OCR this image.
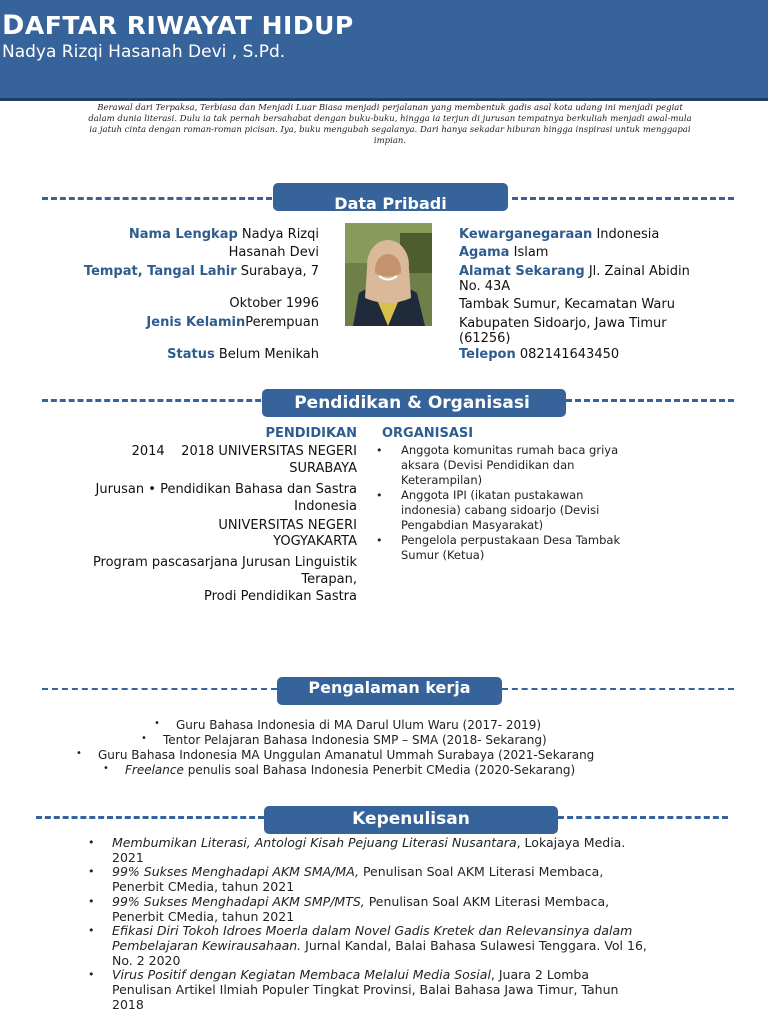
DAFTAR RIWAYAT HIDUP
Nadya Rizqi Hasanah Devi , S.Pd.
Berawal dari Terpaksa, Terbiasa dan Menjadi Luar Biasa menjadi perjalanan yang membentuk gadis asal kota udang ini menjadi pegiat dalam dunia literasi. Dulu ia tak pernah bersahabat dengan buku-buku, hingga ia terjun di jurusan tempatnya berkuliah menjadi awal-mula ia jatuh cinta dengan roman-roman picisan. Iya, buku mengubah segalanya. Dari hanya sekadar hiburan hingga inspirasi untuk menggapai impian.
Data Pribadi
Nama Lengkap Nadya Rizqi
Hasanah Devi
Tempat, Tangal Lahir Surabaya, 7
Oktober 1996
Jenis KelaminPerempuan
Status Belum Menikah
Kewarganegaraan Indonesia
Agama Islam
Alamat Sekarang Jl. Zainal Abidin
No. 43A
Tambak Sumur, Kecamatan Waru
Kabupaten Sidoarjo, Jawa Timur
(61256)
Telepon 082141643450
Pendidikan & Organisasi
PENDIDIKAN
2014    2018 UNIVERSITAS NEGERI
SURABAYA
Jurusan • Pendidikan Bahasa dan Sastra
Indonesia
UNIVERSITAS NEGERI
YOGYAKARTA
Program pascasarjana Jurusan Linguistik
Terapan,
Prodi Pendidikan Sastra
ORGANISASI
• Anggota komunitas rumah baca griya aksara (Devisi Pendidikan dan Keterampilan)
• Anggota IPI (ikatan pustakawan indonesia) cabang sidoarjo (Devisi Pengabdian Masyarakat)
• Pengelola perpustakaan Desa Tambak Sumur (Ketua)
Pengalaman kerja
• Guru Bahasa Indonesia di MA Darul Ulum Waru (2017- 2019)
• Tentor Pelajaran Bahasa Indonesia SMP – SMA (2018- Sekarang)
• Guru Bahasa Indonesia MA Unggulan Amanatul Ummah Surabaya (2021-Sekarang
• Freelance penulis soal Bahasa Indonesia Penerbit CMedia (2020-Sekarang)
Kepenulisan
• Membumikan Literasi, Antologi Kisah Pejuang Literasi Nusantara, Lokajaya Media. 2021
• 99% Sukses Menghadapi AKM SMA/MA, Penulisan Soal AKM Literasi Membaca, Penerbit CMedia, tahun 2021
• 99% Sukses Menghadapi AKM SMP/MTS, Penulisan Soal AKM Literasi Membaca, Penerbit CMedia, tahun 2021
• Efikasi Diri Tokoh Idroes Moerla dalam Novel Gadis Kretek dan Relevansinya dalam Pembelajaran Kewirausahaan. Jurnal Kandal, Balai Bahasa Sulawesi Tenggara. Vol 16, No. 2 2020
• Virus Positif dengan Kegiatan Membaca Melalui Media Sosial, Juara 2 Lomba Penulisan Artikel Ilmiah Populer Tingkat Provinsi, Balai Bahasa Jawa Timur, Tahun 2018
